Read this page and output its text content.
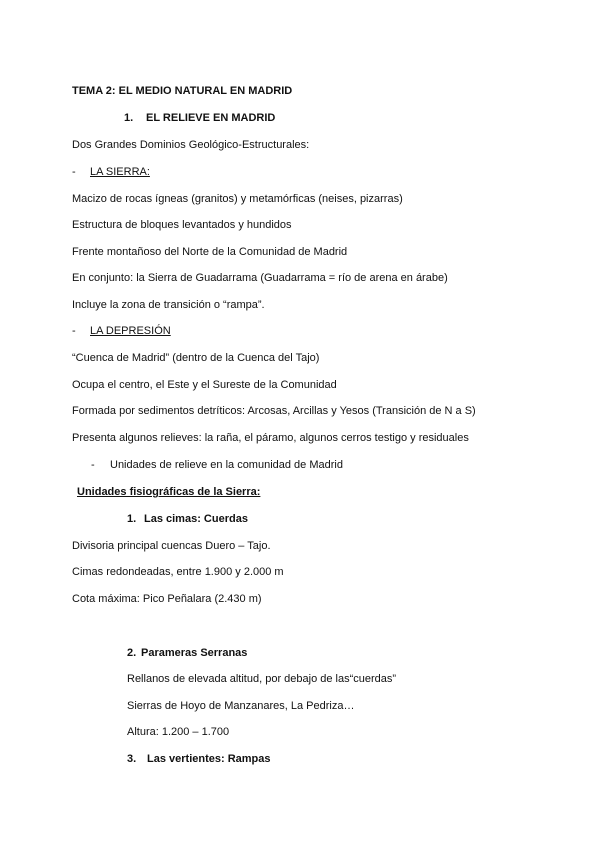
TEMA 2: EL MEDIO NATURAL EN MADRID
1. EL RELIEVE EN MADRID
Dos Grandes Dominios Geológico-Estructurales:
- LA SIERRA:
Macizo de rocas ígneas (granitos) y metamórficas (neises, pizarras)
Estructura de bloques levantados y hundidos
Frente montañoso del Norte de la Comunidad de Madrid
En conjunto: la Sierra de Guadarrama (Guadarrama = río de arena en árabe)
Incluye la zona de transición o “rampa”.
- LA DEPRESIÓN
“Cuenca de Madrid” (dentro de la Cuenca del Tajo)
Ocupa el centro, el Este y el Sureste de la Comunidad
Formada por sedimentos detríticos: Arcosas, Arcillas y Yesos (Transición de N a S)
Presenta algunos relieves: la raña, el páramo, algunos cerros testigo y residuales
- Unidades de relieve en la comunidad de Madrid
Unidades fisiográficas de la Sierra:
1. Las cimas: Cuerdas
Divisoria principal cuencas Duero – Tajo.
Cimas redondeadas, entre 1.900 y 2.000 m
Cota máxima: Pico Peñalara (2.430 m)
2. Parameras Serranas
Rellanos de elevada altitud, por debajo de las“cuerdas”
Sierras de Hoyo de Manzanares, La Pedriza…
Altura: 1.200 – 1.700
3. Las vertientes: Rampas
